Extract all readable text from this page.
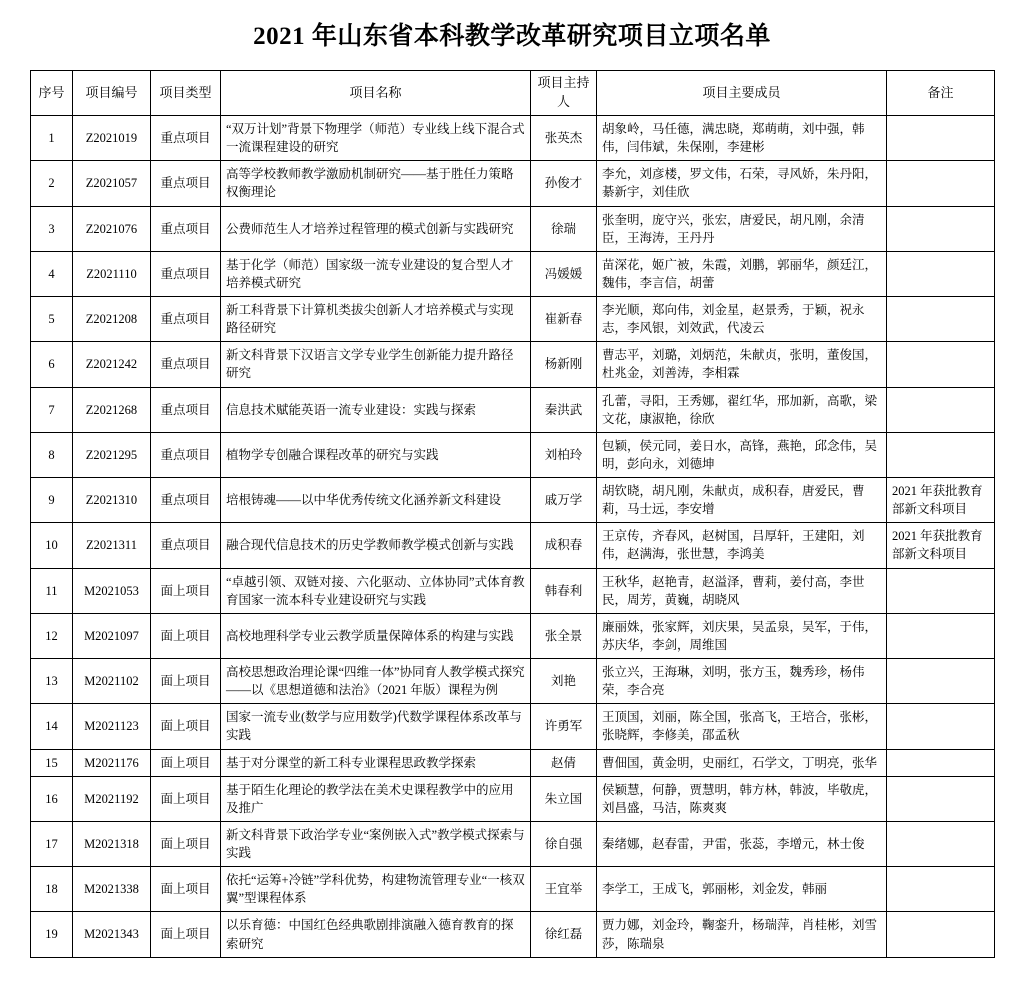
2021 年山东省本科教学改革研究项目立项名单
序号	项目编号	项目类型	项目名称	项目主持人	项目主要成员	备注
1	Z2021019	重点项目	“双万计划”背景下物理学（师范）专业线上线下混合式一流课程建设的研究	张英杰	胡象岭，马任德，满忠晓，郑萌萌，刘中强，韩伟，闫伟斌，朱保刚，李建彬	
2	Z2021057	重点项目	高等学校教师教学激励机制研究——基于胜任力策略权衡理论	孙俊才	李允，刘彦楼，罗文伟，石荣，寻风娇，朱丹阳，綦新宇，刘佳欣	
3	Z2021076	重点项目	公费师范生人才培养过程管理的模式创新与实践研究	徐瑞	张奎明，庞守兴，张宏，唐爱民，胡凡刚，余清臣，王海涛，王丹丹	
4	Z2021110	重点项目	基于化学（师范）国家级一流专业建设的复合型人才培养模式研究	冯媛媛	苗深花，姬广被，朱霞，刘鹏，郭丽华，颜廷江，魏伟，李言信，胡蕾	
5	Z2021208	重点项目	新工科背景下计算机类拔尖创新人才培养模式与实现路径研究	崔新春	李光顺，郑向伟，刘金星，赵景秀，于颖，祝永志，李风银，刘效武，代凌云	
6	Z2021242	重点项目	新文科背景下汉语言文学专业学生创新能力提升路径研究	杨新刚	曹志平，刘璐，刘炳范，朱献贞，张明，董俊国，杜兆金，刘善涛，李相霖	
7	Z2021268	重点项目	信息技术赋能英语一流专业建设：实践与探索	秦洪武	孔蕾，寻阳，王秀娜，翟红华，邢加新，高歌，梁文花，康淑艳，徐欣	
8	Z2021295	重点项目	植物学专创融合课程改革的研究与实践	刘柏玲	包颖，侯元同，姜日水，高锋，燕艳，邱念伟，吴明，彭向永，刘德坤	
9	Z2021310	重点项目	培根铸魂——以中华优秀传统文化涵养新文科建设	戚万学	胡钦晓，胡凡刚，朱献贞，成积春，唐爱民，曹莉，马士远，李安增	2021 年获批教育部新文科项目
10	Z2021311	重点项目	融合现代信息技术的历史学教师教学模式创新与实践	成积春	王京传，齐春风，赵树国，吕厚轩，王建阳，刘伟，赵满海，张世慧，李鸿美	2021 年获批教育部新文科项目
11	M2021053	面上项目	“卓越引领、双链对接、六化驱动、立体协同”式体育教育国家一流本科专业建设研究与实践	韩春利	王秋华，赵艳青，赵溢泽，曹莉，姜付高，李世民，周芳，黄巍，胡晓风	
12	M2021097	面上项目	高校地理科学专业云教学质量保障体系的构建与实践	张全景	廉丽姝，张家辉，刘庆果，吴孟泉，吴军，于伟，苏庆华，李剑，周维国	
13	M2021102	面上项目	高校思想政治理论课“四维一体”协同育人教学模式探究——以《思想道德和法治》（2021 年版）课程为例	刘艳	张立兴，王海琳，刘明，张方玉，魏秀珍，杨伟荣，李合亮	
14	M2021123	面上项目	国家一流专业(数学与应用数学)代数学课程体系改革与实践	许勇军	王顶国，刘丽，陈全国，张高飞，王培合，张彬，张晓辉，李修美，邵孟秋	
15	M2021176	面上项目	基于对分课堂的新工科专业课程思政教学探索	赵倩	曹佃国，黄金明，史丽红，石学文，丁明亮，张华	
16	M2021192	面上项目	基于陌生化理论的教学法在美术史课程教学中的应用及推广	朱立国	侯颖慧，何静，贾慧明，韩方林，韩波，毕敬虎，刘昌盛，马洁，陈爽爽	
17	M2021318	面上项目	新文科背景下政治学专业“案例嵌入式”教学模式探索与实践	徐自强	秦绪娜，赵春雷，尹雷，张蕊，李增元，林士俊	
18	M2021338	面上项目	依托“运筹+冷链”学科优势，构建物流管理专业“一核双翼”型课程体系	王宜举	李学工，王成飞，郭丽彬，刘金发，韩丽	
19	M2021343	面上项目	以乐育德：中国红色经典歌剧排演融入德育教育的探索研究	徐红磊	贾力娜，刘金玲，鞠銮升，杨瑞萍，肖桂彬，刘雪莎，陈瑞泉	
